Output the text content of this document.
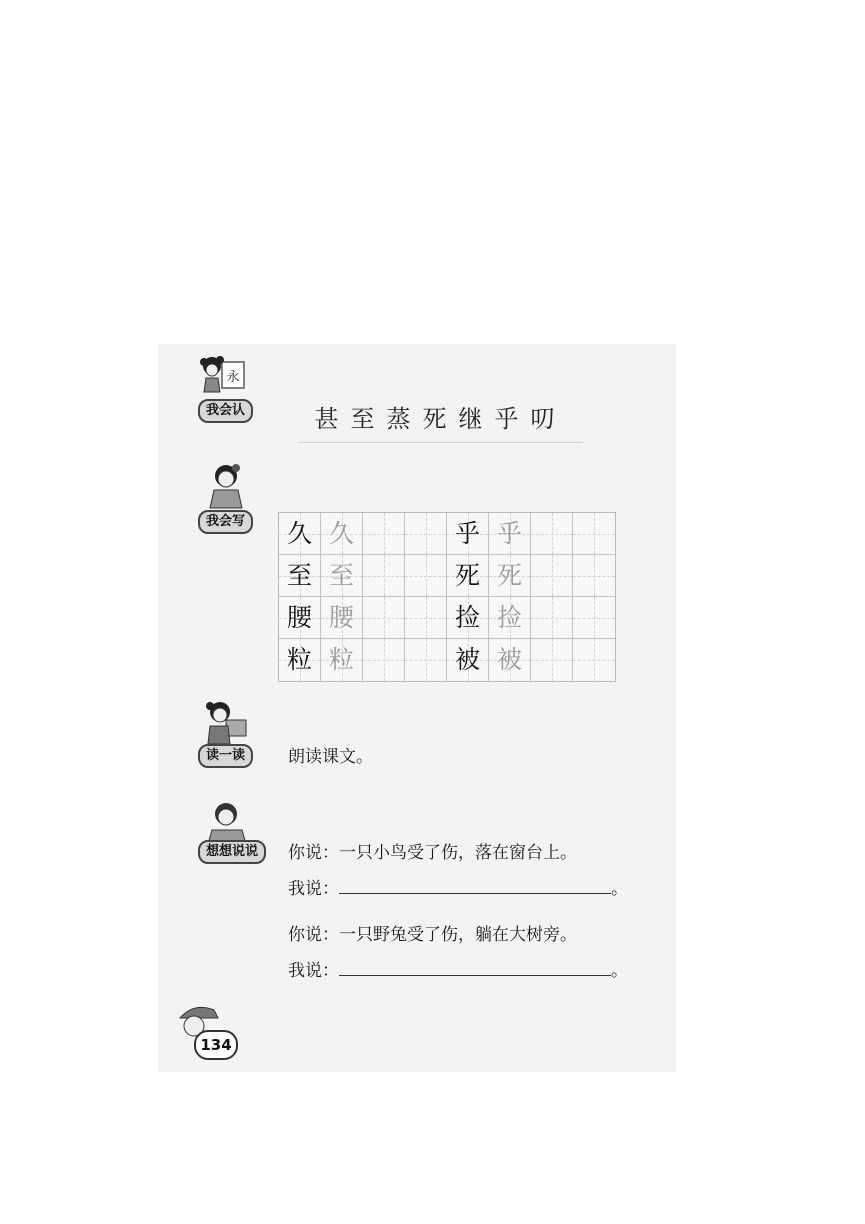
永
我会认	甚至蒸死继乎叨
我会写	久 久	乎 乎
至 至	死 死
腰 腰	捡 捡
粒 粒	被 被
读一读	朗读课文。
想想说说	你说：一只小鸟受了伤，落在窗台上。
我说：	。
你说：一只野兔受了伤，躺在大树旁。
我说：	。
134
